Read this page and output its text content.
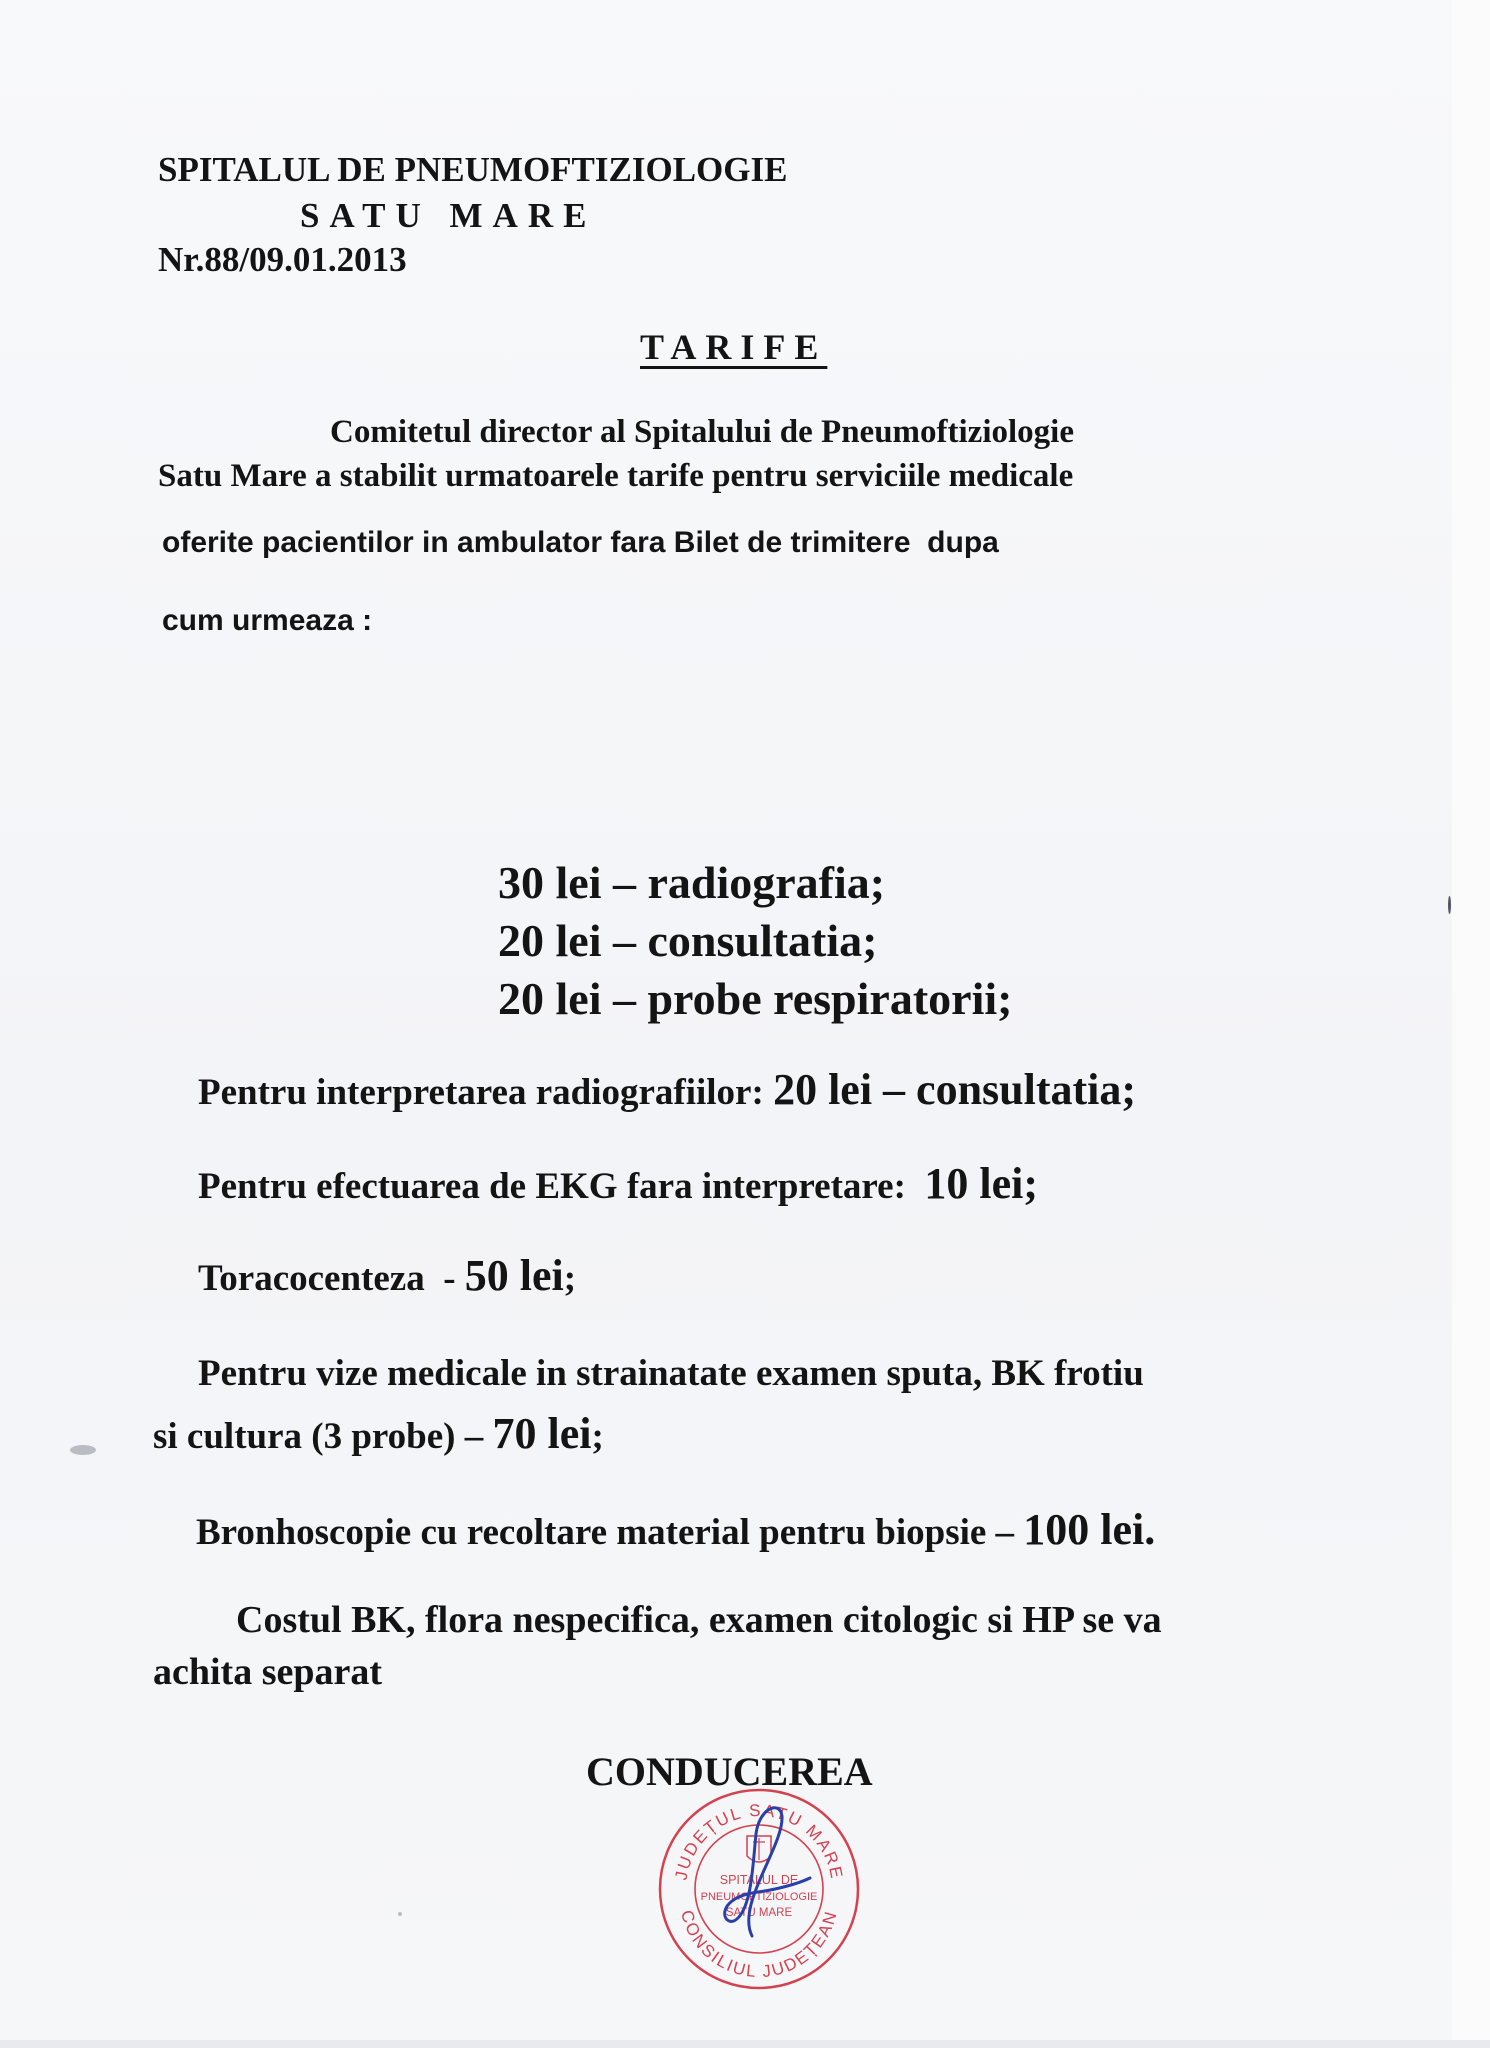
SPITALUL DE PNEUMOFTIZIOLOGIE
SATU MARE
Nr.88/09.01.2013
TARIFE
Comitetul director al Spitalului de Pneumoftiziologie
Satu Mare a stabilit urmatoarele tarife pentru serviciile medicale
oferite pacientilor in ambulator fara Bilet de trimitere  dupa
cum urmeaza :
30 lei – radiografia;
20 lei – consultatia;
20 lei – probe respiratorii;
Pentru interpretarea radiografiilor: 20 lei – consultatia;
Pentru efectuarea de EKG fara interpretare:  10 lei;
Toracocenteza  - 50 lei;
Pentru vize medicale in strainatate examen sputa, BK frotiu
si cultura (3 probe) – 70 lei;
Bronhoscopie cu recoltare material pentru biopsie – 100 lei.
Costul BK, flora nespecifica, examen citologic si HP se va
achita separat
CONDUCEREA
JUDEȚUL SATU MARE
CONSILIUL JUDEȚEAN
SPITALUL DE
PNEUMOFTIZIOLOGIE
SATU MARE
